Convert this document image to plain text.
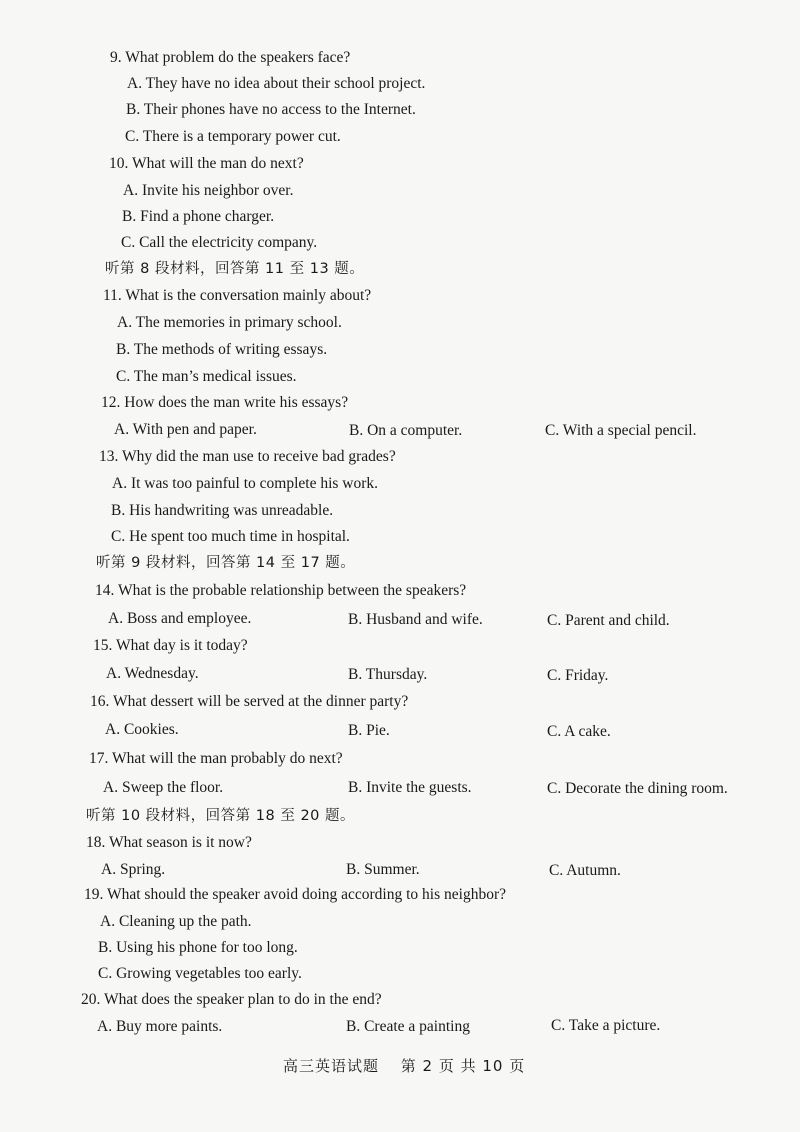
9. What problem do the speakers face?
A. They have no idea about their school project.
B. Their phones have no access to the Internet.
C. There is a temporary power cut.
10. What will the man do next?
A. Invite his neighbor over.
B. Find a phone charger.
C. Call the electricity company.
听第 8 段材料，回答第 11 至 13 题。
11. What is the conversation mainly about?
A. The memories in primary school.
B. The methods of writing essays.
C. The man’s medical issues.
12. How does the man write his essays?
A. With pen and paper.	B. On a computer.	C. With a special pencil.
13. Why did the man use to receive bad grades?
A. It was too painful to complete his work.
B. His handwriting was unreadable.
C. He spent too much time in hospital.
听第 9 段材料，回答第 14 至 17 题。
14. What is the probable relationship between the speakers?
A. Boss and employee.	B. Husband and wife.	C. Parent and child.
15. What day is it today?
A. Wednesday.	B. Thursday.	C. Friday.
16. What dessert will be served at the dinner party?
A. Cookies.	B. Pie.	C. A cake.
17. What will the man probably do next?
A. Sweep the floor.	B. Invite the guests.	C. Decorate the dining room.
听第 10 段材料，回答第 18 至 20 题。
18. What season is it now?
A. Spring.	B. Summer.	C. Autumn.
19. What should the speaker avoid doing according to his neighbor?
A. Cleaning up the path.
B. Using his phone for too long.
C. Growing vegetables too early.
20. What does the speaker plan to do in the end?
A. Buy more paints.	B. Create a painting	C. Take a picture.
高三英语试题　 第 2 页 共 10 页
